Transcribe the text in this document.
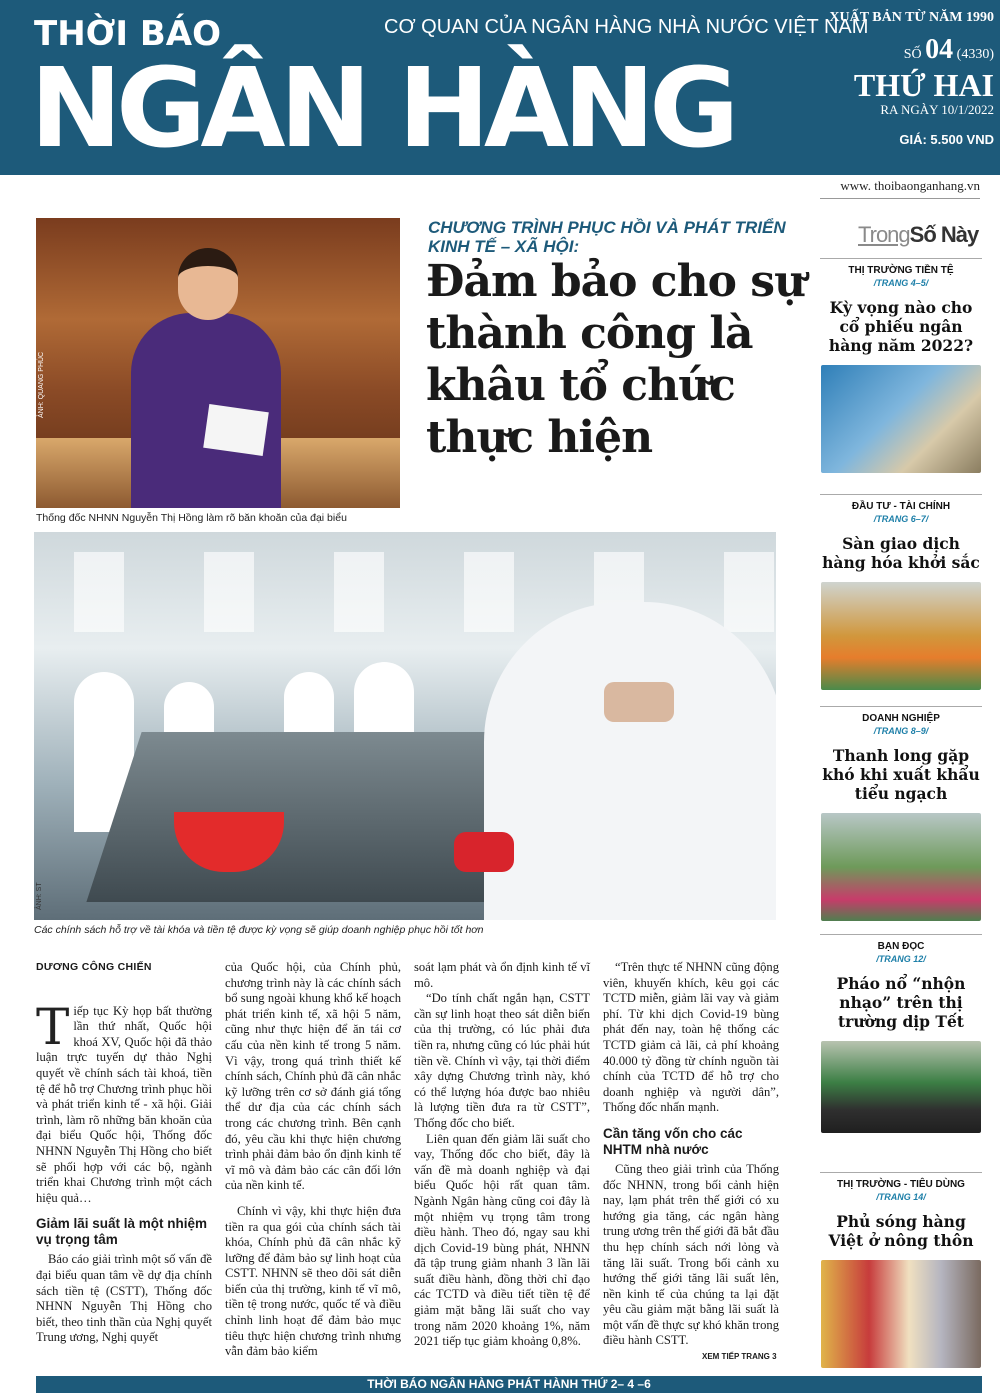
THỜI BÁO
NGÂN HÀNG
CƠ QUAN CỦA NGÂN HÀNG NHÀ NƯỚC VIỆT NAM
XUẤT BẢN TỪ NĂM 1990
SỐ 04 (4330)
THỨ HAI
RA NGÀY 10/1/2022
GIÁ: 5.500 VND
www. thoibaonganhang.vn
ẢNH: QUANG PHÚC
Thống đốc NHNN Nguyễn Thị Hồng làm rõ băn khoăn của đại biểu
CHƯƠNG TRÌNH PHỤC HỒI VÀ PHÁT TRIỂN KINH TẾ – XÃ HỘI:
Đảm bảo cho sự thành công là khâu tổ chức thực hiện
ẢNH: ST
Các chính sách hỗ trợ về tài khóa và tiền tệ được kỳ vọng sẽ giúp doanh nghiệp phục hồi tốt hơn
DƯƠNG CÔNG CHIẾN

Tiếp tục Kỳ họp bất thường lần thứ nhất, Quốc hội khoá XV, Quốc hội đã thảo luận trực tuyến dự thảo Nghị quyết về chính sách tài khoá, tiền tệ để hỗ trợ Chương trình phục hồi và phát triển kinh tế - xã hội. Giải trình, làm rõ những băn khoăn của đại biểu Quốc hội, Thống đốc NHNN Nguyễn Thị Hồng cho biết sẽ phối hợp với các bộ, ngành triển khai Chương trình một cách hiệu quả…

Giảm lãi suất là một nhiệm vụ trọng tâm

Báo cáo giải trình một số vấn đề đại biểu quan tâm về dự địa chính sách tiền tệ (CSTT), Thống đốc NHNN Nguyễn Thị Hồng cho biết, theo tinh thần của Nghị quyết Trung ương, Nghị quyết

của Quốc hội, của Chính phủ, chương trình này là các chính sách bổ sung ngoài khung khổ kế hoạch phát triển kinh tế, xã hội 5 năm, cũng như thực hiện để ăn tái cơ cấu của nền kinh tế trong 5 năm. Vì vậy, trong quá trình thiết kế chính sách, Chính phủ đã cân nhắc kỹ lưỡng trên cơ sở đánh giá tổng thể dư địa của các chính sách trong các chương trình. Bên cạnh đó, yêu cầu khi thực hiện chương trình phải đảm bảo ổn định kinh tế vĩ mô và đảm bảo các cân đối lớn của nền kinh tế.

Chính vì vậy, khi thực hiện đưa tiền ra qua gói của chính sách tài khóa, Chính phủ đã cân nhắc kỹ lưỡng để đảm bảo sự linh hoạt của CSTT. NHNN sẽ theo dõi sát diễn biến của thị trường, kinh tế vĩ mô, tiền tệ trong nước, quốc tế và điều chỉnh linh hoạt để đảm bảo mục tiêu thực hiện chương trình nhưng vẫn đảm bảo kiểm

soát lạm phát và ổn định kinh tế vĩ mô.

“Do tính chất ngắn hạn, CSTT cần sự linh hoạt theo sát diễn biến của thị trường, có lúc phải đưa tiền ra, nhưng cũng có lúc phải hút tiền về. Chính vì vậy, tại thời điểm xây dựng Chương trình này, khó có thể lượng hóa được bao nhiêu là lượng tiền đưa ra từ CSTT”, Thống đốc cho biết.

Liên quan đến giảm lãi suất cho vay, Thống đốc cho biết, đây là vấn đề mà doanh nghiệp và đại biểu Quốc hội rất quan tâm. Ngành Ngân hàng cũng coi đây là một nhiệm vụ trọng tâm trong điều hành. Theo đó, ngay sau khi dịch Covid-19 bùng phát, NHNN đã tập trung giảm nhanh 3 lần lãi suất điều hành, đồng thời chỉ đạo các TCTD và điều tiết tiền tệ để giảm mặt bằng lãi suất cho vay trong năm 2020 khoảng 1%, năm 2021 tiếp tục giảm khoảng 0,8%.

“Trên thực tế NHNN cũng động viên, khuyến khích, kêu gọi các TCTD miễn, giảm lãi vay và giảm phí. Từ khi dịch Covid-19 bùng phát đến nay, toàn hệ thống các TCTD giảm cả lãi, cả phí khoảng 40.000 tỷ đồng từ chính nguồn tài chính của TCTD để hỗ trợ cho doanh nghiệp và người dân”, Thống đốc nhấn mạnh.

Cần tăng vốn cho các NHTM nhà nước

Cũng theo giải trình của Thống đốc NHNN, trong bối cảnh hiện nay, lạm phát trên thế giới có xu hướng gia tăng, các ngân hàng trung ương trên thế giới đã bắt đầu thu hẹp chính sách nới lỏng và tăng lãi suất. Trong bối cảnh xu hướng thế giới tăng lãi suất lên, nền kinh tế của chúng ta lại đặt yêu cầu giảm mặt bằng lãi suất là một vấn đề thực sự khó khăn trong điều hành CSTT.

XEM TIẾP TRANG 3
TrongSố Này
THỊ TRƯỜNG TIỀN TỆ
/TRANG 4–5/
Kỳ vọng nào cho cổ phiếu ngân hàng năm 2022?
ĐẦU TƯ - TÀI CHÍNH
/TRANG 6–7/
Sàn giao dịch hàng hóa khởi sắc
DOANH NGHIỆP
/TRANG 8–9/
Thanh long gặp khó khi xuất khẩu tiểu ngạch
BẠN ĐỌC
/TRANG 12/
Pháo nổ “nhộn nhạo” trên thị trường dịp Tết
THỊ TRƯỜNG - TIÊU DÙNG
/TRANG 14/
Phủ sóng hàng Việt ở nông thôn
THỜI BÁO NGÂN HÀNG PHÁT HÀNH THỨ 2– 4 –6
